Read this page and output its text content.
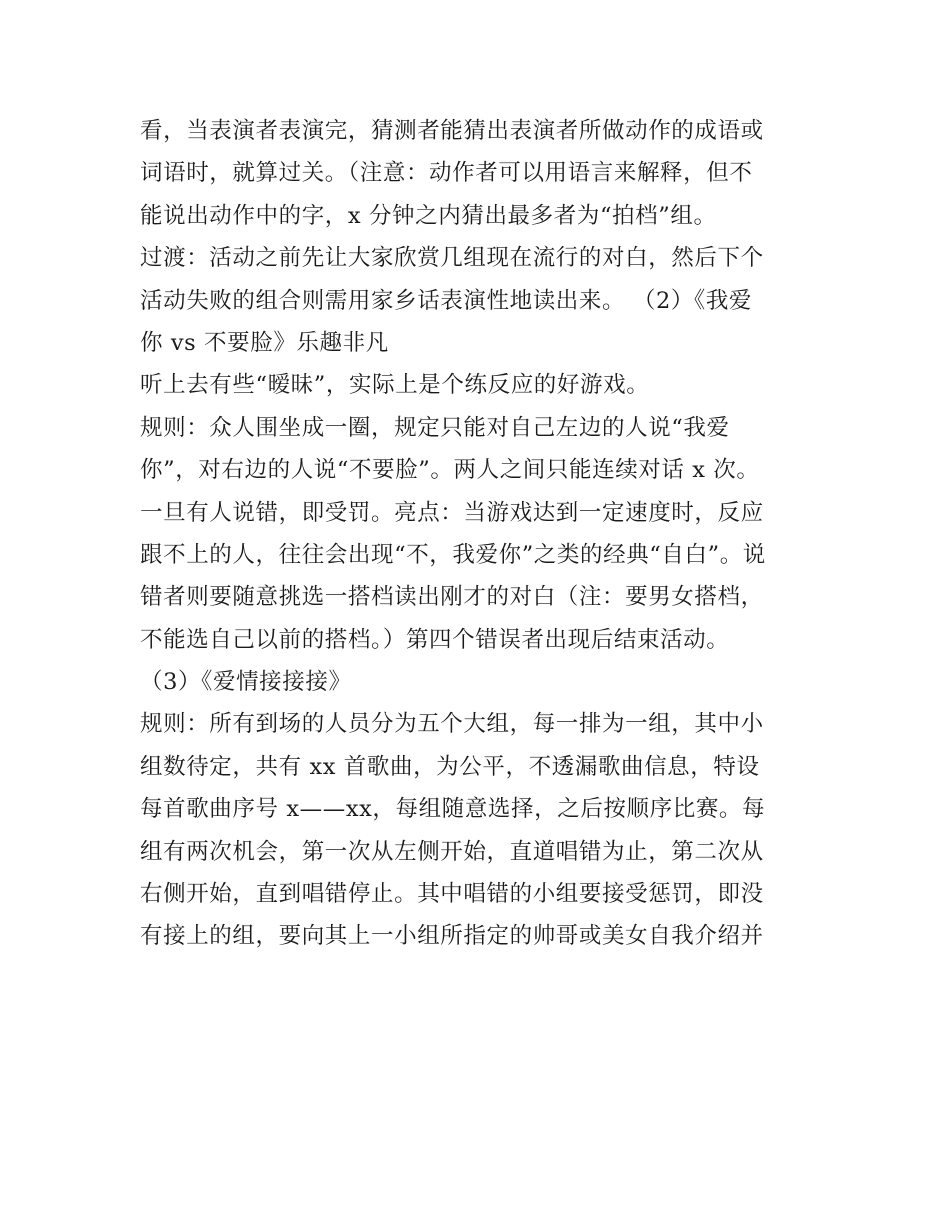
看，当表演者表演完，猜测者能猜出表演者所做动作的成语或
词语时，就算过关。（注意：动作者可以用语言来解释，但不
能说出动作中的字，x 分钟之内猜出最多者为“拍档”组。
过渡：活动之前先让大家欣赏几组现在流行的对白，然后下个
活动失败的组合则需用家乡话表演性地读出来。 （2）《我爱
你 vs 不要脸》乐趣非凡
听上去有些“暧昧”，实际上是个练反应的好游戏。
规则：众人围坐成一圈，规定只能对自己左边的人说“我爱
你”，对右边的人说“不要脸”。两人之间只能连续对话 x 次。
一旦有人说错，即受罚。亮点：当游戏达到一定速度时，反应
跟不上的人，往往会出现“不，我爱你”之类的经典“自白”。说
错者则要随意挑选一搭档读出刚才的对白（注：要男女搭档，
不能选自己以前的搭档。）第四个错误者出现后结束活动。
（3）《爱情接接接》
规则：所有到场的人员分为五个大组，每一排为一组，其中小
组数待定，共有 xx 首歌曲，为公平，不透漏歌曲信息，特设
每首歌曲序号 x——xx，每组随意选择，之后按顺序比赛。每
组有两次机会，第一次从左侧开始，直道唱错为止，第二次从
右侧开始，直到唱错停止。其中唱错的小组要接受惩罚，即没
有接上的组，要向其上一小组所指定的帅哥或美女自我介绍并
